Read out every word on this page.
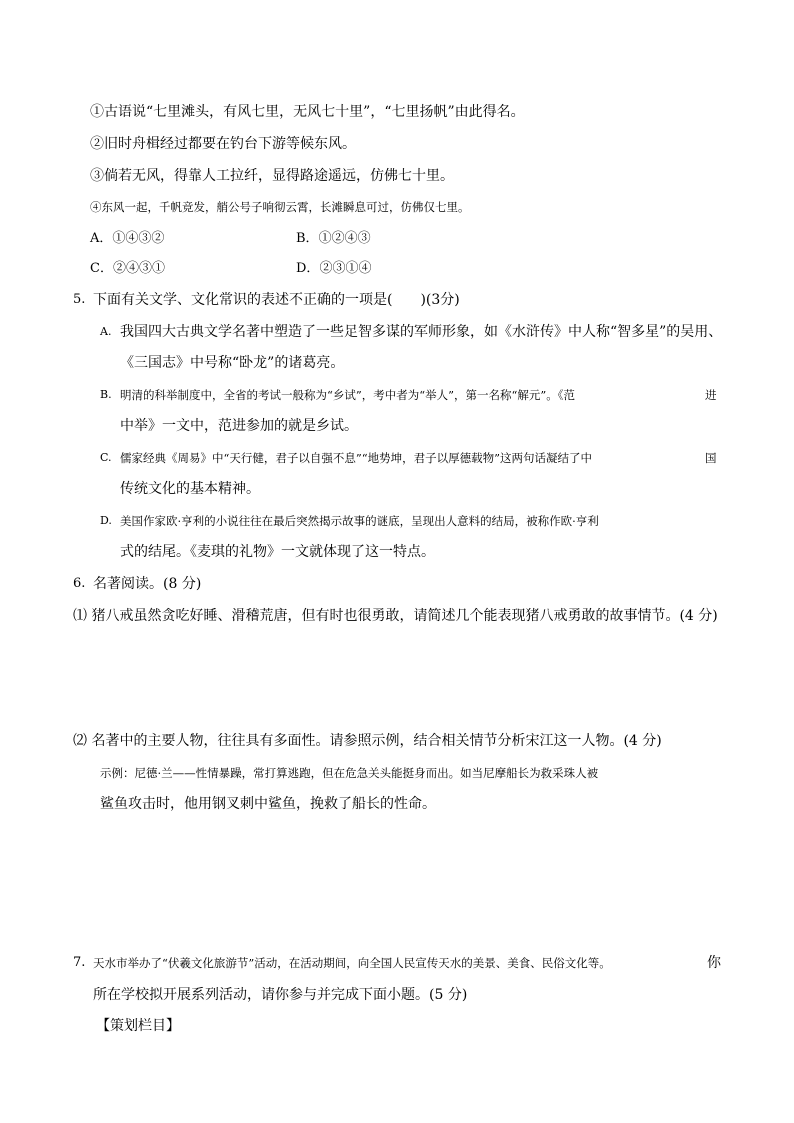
①古语说“七里滩头，有风七里，无风七十里”，“七里扬帆”由此得名。
②旧时舟楫经过都要在钓台下游等候东风。
③倘若无风，得靠人工拉纤，显得路途遥远，仿佛七十里。
④东风一起，千帆竞发，艄公号子响彻云霄，长滩瞬息可过，仿佛仅七里。
A．①④③②	B．①②④③
C．②④③①	D．②③①④
5. 下面有关文学、文化常识的表述不正确的一项是(　　)(3分)
A. 我国四大古典文学名著中塑造了一些足智多谋的军师形象，如《水浒传》中人称“智多星”的吴用、
《三国志》中号称“卧龙”的诸葛亮。
B. 明清的科举制度中，全省的考试一般称为“乡试”，考中者为“举人”，第一名称“解元”。《范	进
中举》一文中，范进参加的就是乡试。
C. 儒家经典《周易》中“天行健，君子以自强不息”“地势坤，君子以厚德载物”这两句话凝结了中	国
传统文化的基本精神。
D. 美国作家欧·亨利的小说往往在最后突然揭示故事的谜底，呈现出人意料的结局，被称作欧·亨利
式的结尾。《麦琪的礼物》一文就体现了这一特点。
6. 名著阅读。(8 分)
⑴ 猪八戒虽然贪吃好睡、滑稽荒唐，但有时也很勇敢，请简述几个能表现猪八戒勇敢的故事情节。(4 分)
⑵ 名著中的主要人物，往往具有多面性。请参照示例，结合相关情节分析宋江这一人物。(4 分)
示例：尼德·兰——性情暴躁，常打算逃跑，但在危急关头能挺身而出。如当尼摩船长为救采珠人被
鲨鱼攻击时，他用钢叉刺中鲨鱼，挽救了船长的性命。
7. 天水市举办了“伏羲文化旅游节”活动，在活动期间，向全国人民宣传天水的美景、美食、民俗文化等。	你
所在学校拟开展系列活动，请你参与并完成下面小题。(5 分)
【策划栏目】
